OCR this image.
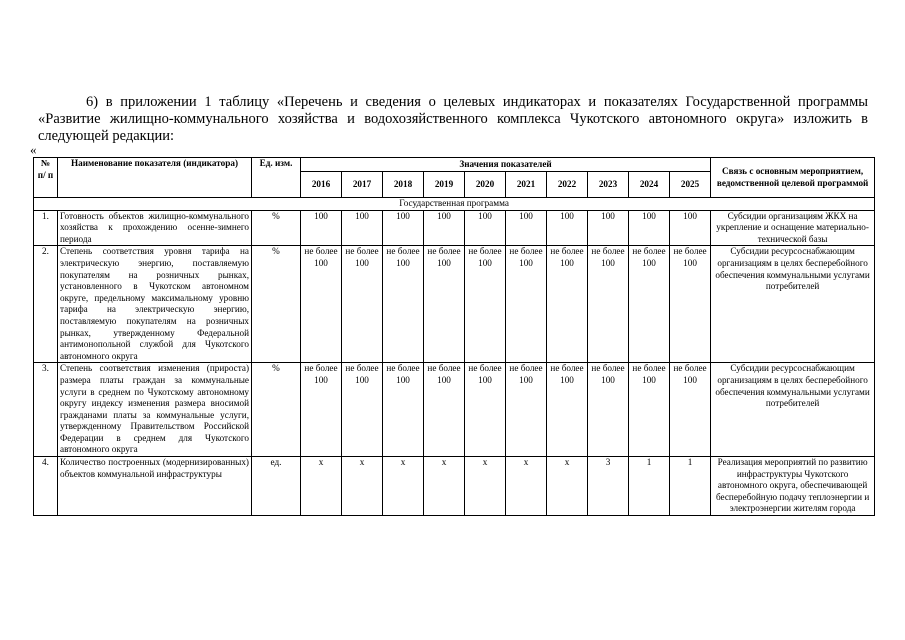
6) в приложении 1 таблицу «Перечень и сведения о целевых индикаторах и показателях Государственной программы «Развитие жилищно-коммунального хозяйства и водохозяйственного комплекса Чукотского автономного округа» изложить в следующей редакции:
«
№ п/ п	Наименование показателя (индикатора)	Ед. изм.	Значения показателей										Связь с основным мероприятием, ведомственной целевой программой
			2016	2017	2018	2019	2020	2021	2022	2023	2024	2025	
Государственная программа													
1.	Готовность объектов жилищно-коммунального хозяйства к прохождению осенне-зимнего периода	%	100	100	100	100	100	100	100	100	100	100	Субсидии организациям ЖКХ на укрепление и оснащение материально-технической базы
2.	Степень соответствия уровня тарифа на электрическую энергию, поставляемую покупателям на розничных рынках, установленного в Чукотском автономном округе, предельному максимальному уровню тарифа на электрическую энергию, поставляемую покупателям на розничных рынках, утвержденному Федеральной антимонопольной службой для Чукотского автономного округа	%	не более 100	не более 100	не более 100	не более 100	не более 100	не более 100	не более 100	не более 100	не более 100	не более 100	Субсидии ресурсоснабжающим организациям в целях бесперебойного обеспечения коммунальными услугами потребителей
3.	Степень соответствия изменения (прироста) размера платы граждан за коммунальные услуги в среднем по Чукотскому автономному округу индексу изменения размера вносимой гражданами платы за коммунальные услуги, утвержденному Правительством Российской Федерации в среднем для Чукотского автономного округа	%	не более 100	не более 100	не более 100	не более 100	не более 100	не более 100	не более 100	не более 100	не более 100	не более 100	Субсидии ресурсоснабжающим организациям в целях бесперебойного обеспечения коммунальными услугами потребителей
4.	Количество построенных (модернизированных) объектов коммунальной инфраструктуры	ед.	х	х	х	х	х	х	х	3	1	1	Реализация мероприятий по развитию инфраструктуры Чукотского автономного округа, обеспечивающей бесперебойную подачу теплоэнергии и электроэнергии жителям города
